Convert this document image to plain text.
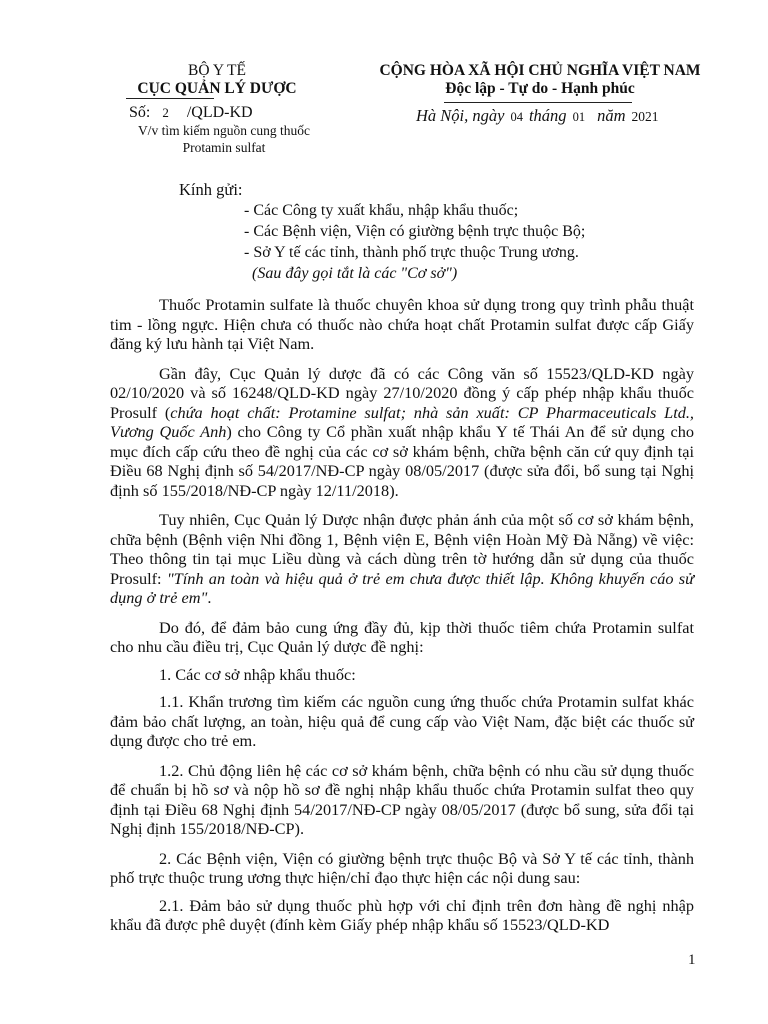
BỘ Y TẾ
CỤC QUẢN LÝ DƯỢC
Số: 2 /QLD-KD
V/v tìm kiếm nguồn cung thuốc
Protamin sulfat
CỘNG HÒA XÃ HỘI CHỦ NGHĨA VIỆT NAM
Độc lập - Tự do - Hạnh phúc
Hà Nội, ngày 04 tháng 01 năm 2021
Kính gửi:
- Các Công ty xuất khẩu, nhập khẩu thuốc;
- Các Bệnh viện, Viện có giường bệnh trực thuộc Bộ;
- Sở Y tế các tỉnh, thành phố trực thuộc Trung ương.
(Sau đây gọi tắt là các "Cơ sở")

Thuốc Protamin sulfate là thuốc chuyên khoa sử dụng trong quy trình phẫu thuật tim - lồng ngực. Hiện chưa có thuốc nào chứa hoạt chất Protamin sulfat được cấp Giấy đăng ký lưu hành tại Việt Nam.

Gần đây, Cục Quản lý dược đã có các Công văn số 15523/QLD-KD ngày 02/10/2020 và số 16248/QLD-KD ngày 27/10/2020 đồng ý cấp phép nhập khẩu thuốc Prosulf (chứa hoạt chất: Protamine sulfat; nhà sản xuất: CP Pharmaceuticals Ltd., Vương Quốc Anh) cho Công ty Cổ phần xuất nhập khẩu Y tế Thái An để sử dụng cho mục đích cấp cứu theo đề nghị của các cơ sở khám bệnh, chữa bệnh căn cứ quy định tại Điều 68 Nghị định số 54/2017/NĐ-CP ngày 08/05/2017 (được sửa đổi, bổ sung tại Nghị định số 155/2018/NĐ-CP ngày 12/11/2018).

Tuy nhiên, Cục Quản lý Dược nhận được phản ánh của một số cơ sở khám bệnh, chữa bệnh (Bệnh viện Nhi đồng 1, Bệnh viện E, Bệnh viện Hoàn Mỹ Đà Nẵng) về việc: Theo thông tin tại mục Liều dùng và cách dùng trên tờ hướng dẫn sử dụng của thuốc Prosulf: "Tính an toàn và hiệu quả ở trẻ em chưa được thiết lập. Không khuyến cáo sử dụng ở trẻ em".

Do đó, để đảm bảo cung ứng đầy đủ, kịp thời thuốc tiêm chứa Protamin sulfat cho nhu cầu điều trị, Cục Quản lý dược đề nghị:

1. Các cơ sở nhập khẩu thuốc:

1.1. Khẩn trương tìm kiếm các nguồn cung ứng thuốc chứa Protamin sulfat khác đảm bảo chất lượng, an toàn, hiệu quả để cung cấp vào Việt Nam, đặc biệt các thuốc sử dụng được cho trẻ em.

1.2. Chủ động liên hệ các cơ sở khám bệnh, chữa bệnh có nhu cầu sử dụng thuốc để chuẩn bị hồ sơ và nộp hồ sơ đề nghị nhập khẩu thuốc chứa Protamin sulfat theo quy định tại Điều 68 Nghị định 54/2017/NĐ-CP ngày 08/05/2017 (được bổ sung, sửa đổi tại Nghị định 155/2018/NĐ-CP).

2. Các Bệnh viện, Viện có giường bệnh trực thuộc Bộ và Sở Y tế các tỉnh, thành phố trực thuộc trung ương thực hiện/chỉ đạo thực hiện các nội dung sau:

2.1. Đảm bảo sử dụng thuốc phù hợp với chỉ định trên đơn hàng đề nghị nhập khẩu đã được phê duyệt (đính kèm Giấy phép nhập khẩu số 15523/QLD-KD

1
